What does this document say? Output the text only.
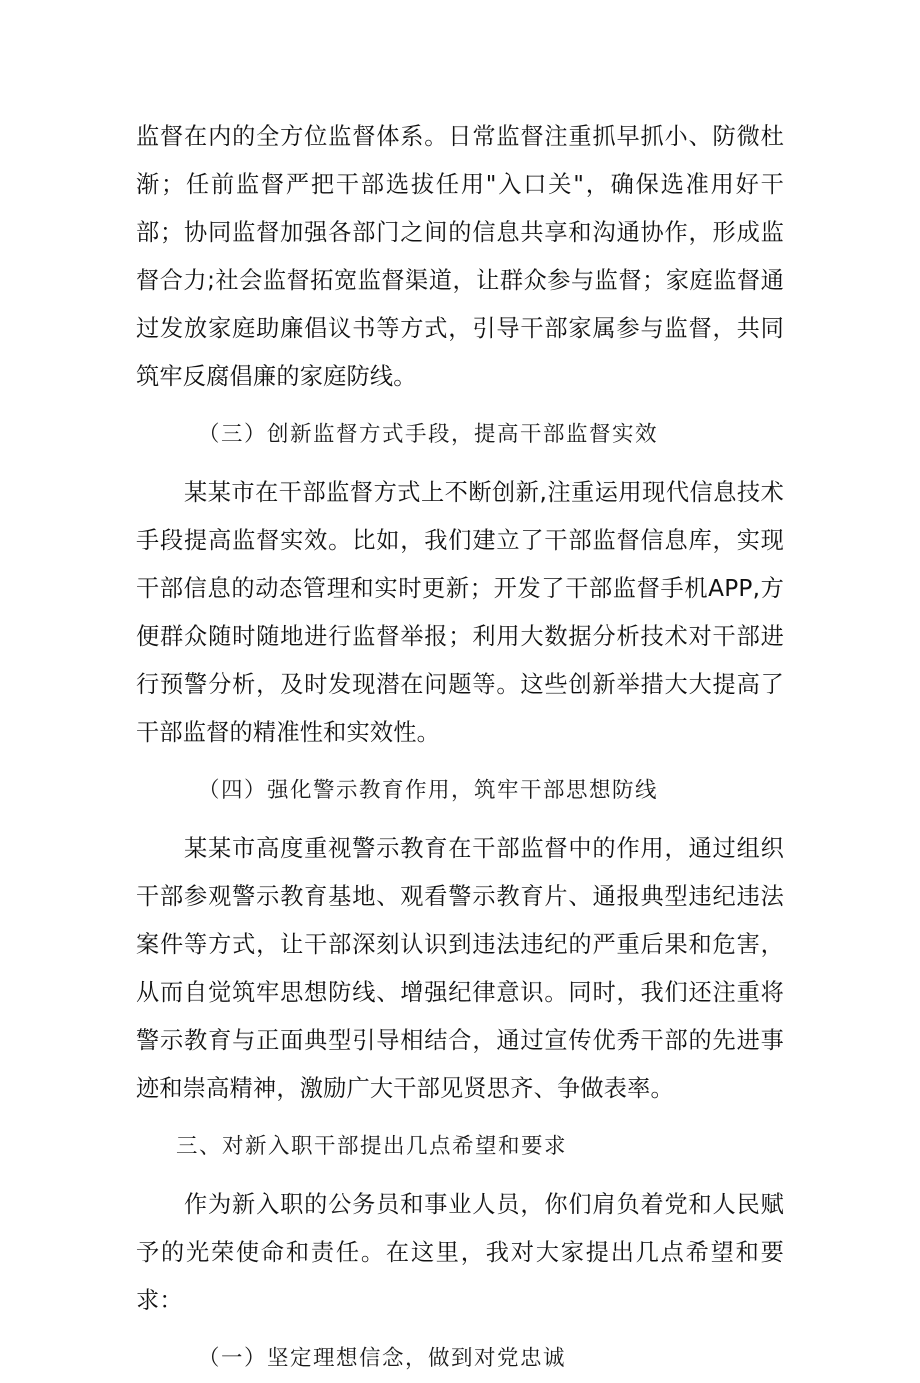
监督在内的全方位监督体系。日常监督注重抓早抓小、防微杜渐；任前监督严把干部选拔任用"入口关"，确保选准用好干部；协同监督加强各部门之间的信息共享和沟通协作，形成监督合力;社会监督拓宽监督渠道，让群众参与监督；家庭监督通过发放家庭助廉倡议书等方式，引导干部家属参与监督，共同筑牢反腐倡廉的家庭防线。

（三）创新监督方式手段，提高干部监督实效

某某市在干部监督方式上不断创新,注重运用现代信息技术手段提高监督实效。比如，我们建立了干部监督信息库，实现干部信息的动态管理和实时更新；开发了干部监督手机APP,方便群众随时随地进行监督举报；利用大数据分析技术对干部进行预警分析，及时发现潜在问题等。这些创新举措大大提高了干部监督的精准性和实效性。

（四）强化警示教育作用，筑牢干部思想防线

某某市高度重视警示教育在干部监督中的作用，通过组织干部参观警示教育基地、观看警示教育片、通报典型违纪违法案件等方式，让干部深刻认识到违法违纪的严重后果和危害，从而自觉筑牢思想防线、增强纪律意识。同时，我们还注重将警示教育与正面典型引导相结合，通过宣传优秀干部的先进事迹和崇高精神，激励广大干部见贤思齐、争做表率。

三、对新入职干部提出几点希望和要求

作为新入职的公务员和事业人员，你们肩负着党和人民赋予的光荣使命和责任。在这里，我对大家提出几点希望和要求：

（一）坚定理想信念，做到对党忠诚
